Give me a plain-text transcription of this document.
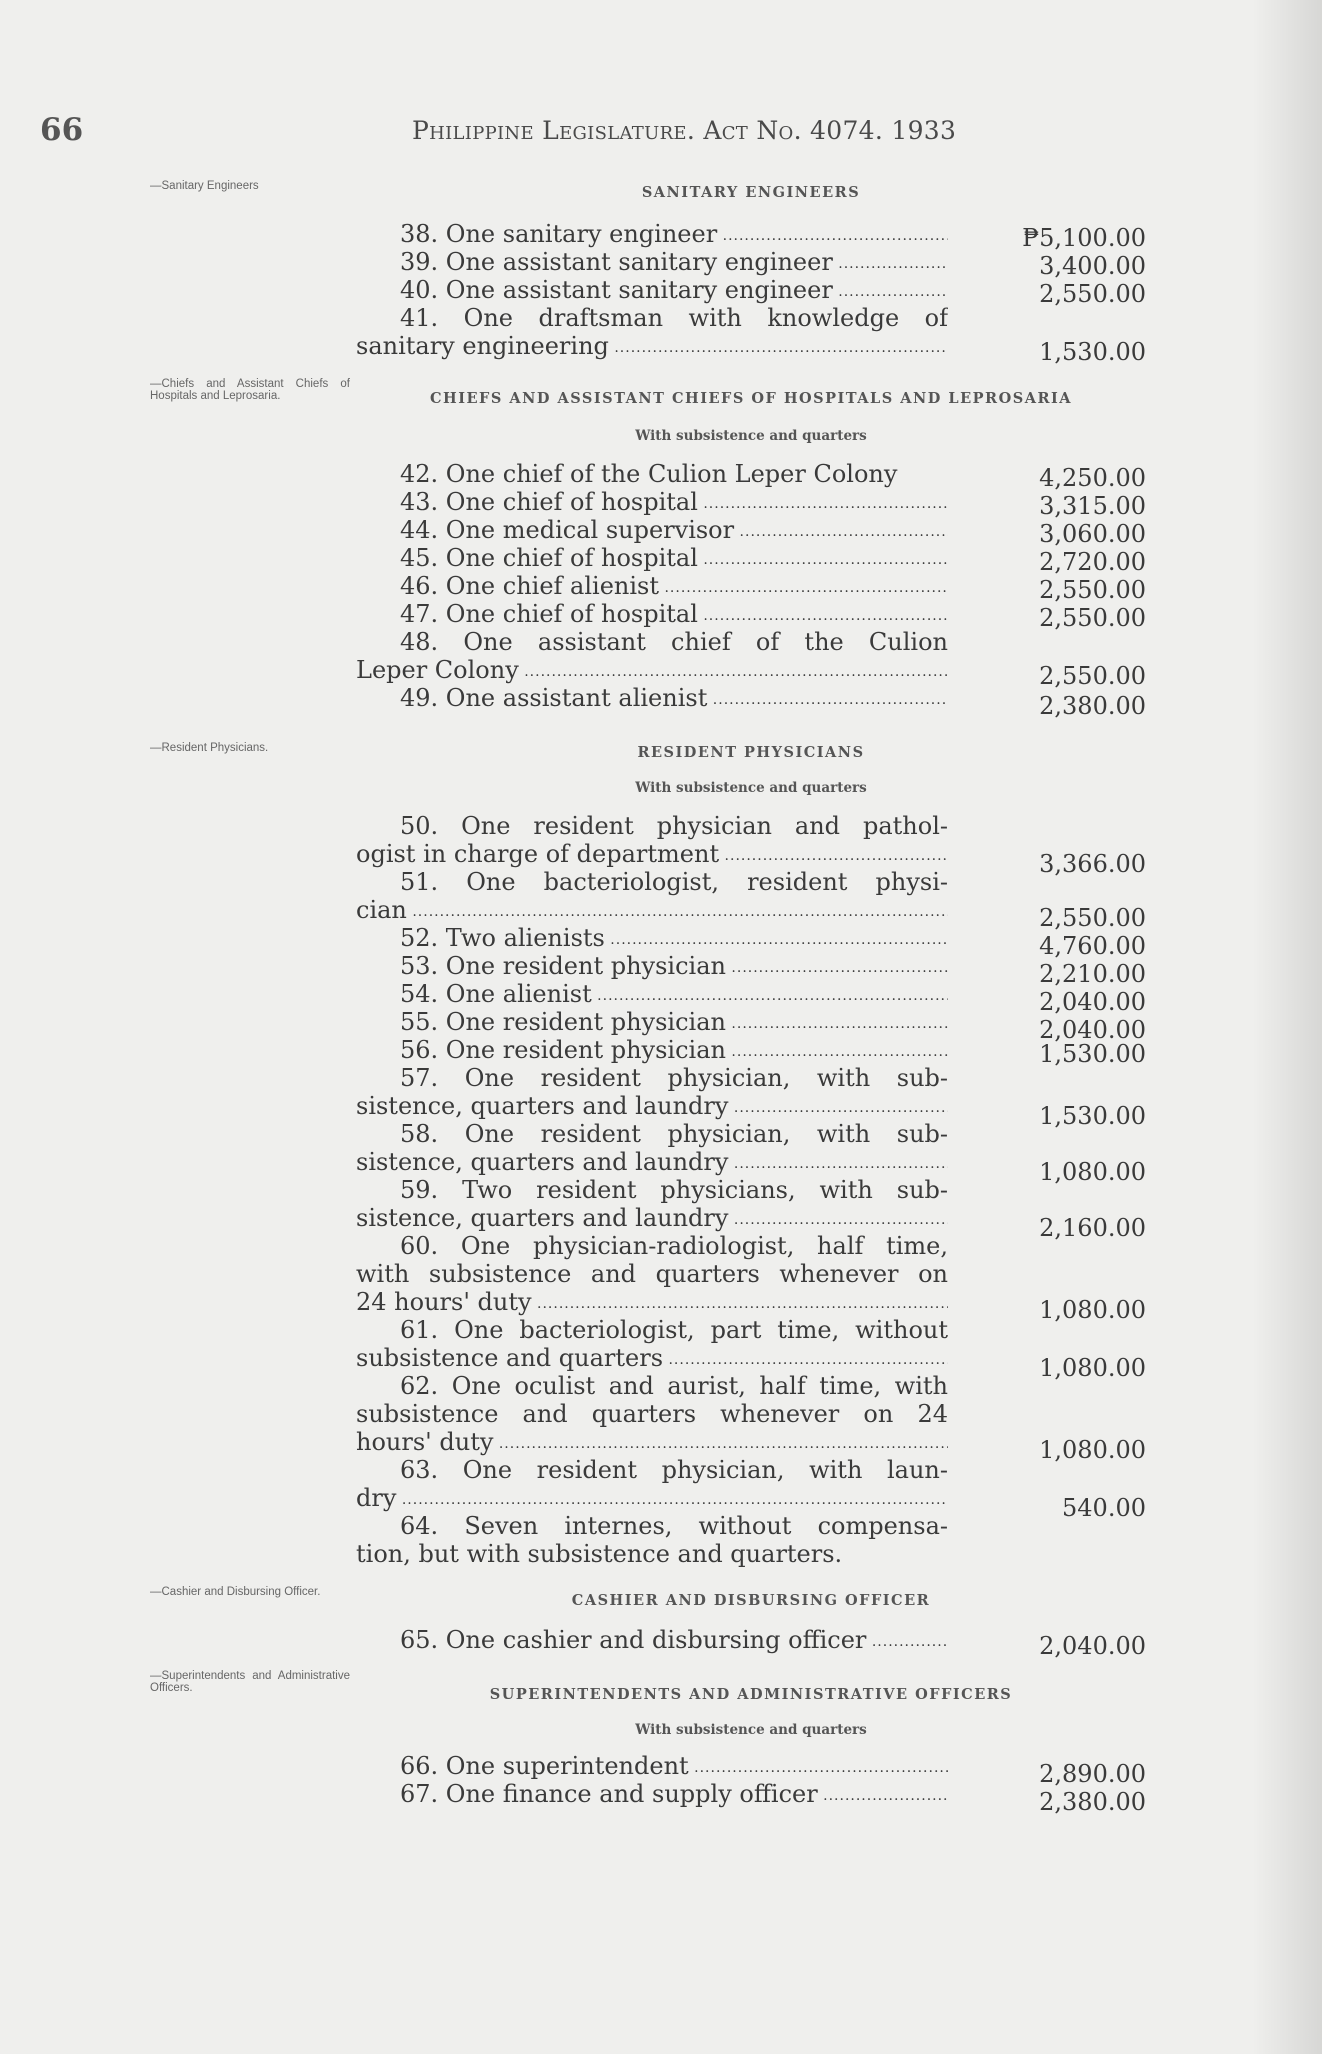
66	Philippine Legislature. Act No. 4074. 1933
—Sanitary Engineers	SANITARY ENGINEERS
38. One sanitary engineer .....	₱5,100.00
39. One assistant sanitary engineer .....	3,400.00
40. One assistant sanitary engineer .....	2,550.00
41. One draftsman with knowledge of
sanitary engineering .....	1,530.00
—Chiefs and Assistant Chiefs of Hospitals and Leprosaria.	CHIEFS AND ASSISTANT CHIEFS OF HOSPITALS AND LEPROSARIA
With subsistence and quarters
42. One chief of the Culion Leper Colony	4,250.00
43. One chief of hospital .....	3,315.00
44. One medical supervisor .....	3,060.00
45. One chief of hospital .....	2,720.00
46. One chief alienist .....	2,550.00
47. One chief of hospital .....	2,550.00
48. One assistant chief of the Culion
Leper Colony .....	2,550.00
49. One assistant alienist .....	2,380.00
—Resident Physicians.	RESIDENT PHYSICIANS
With subsistence and quarters
50. One resident physician and pathol-
ogist in charge of department .....	3,366.00
51. One bacteriologist, resident physi-
cian .....	2,550.00
52. Two alienists .....	4,760.00
53. One resident physician .....	2,210.00
54. One alienist .....	2,040.00
55. One resident physician .....	2,040.00
56. One resident physician .....	1,530.00
57. One resident physician, with sub-
sistence, quarters and laundry .....	1,530.00
58. One resident physician, with sub-
sistence, quarters and laundry .....	1,080.00
59. Two resident physicians, with sub-
sistence, quarters and laundry .....	2,160.00
60. One physician-radiologist, half time,
with subsistence and quarters whenever on
24 hours' duty .....	1,080.00
61. One bacteriologist, part time, without
subsistence and quarters .....	1,080.00
62. One oculist and aurist, half time, with
subsistence and quarters whenever on 24
hours' duty .....	1,080.00
63. One resident physician, with laun-
dry .....	540.00
64. Seven internes, without compensa-
tion, but with subsistence and quarters.
—Cashier and Disbursing Officer.	CASHIER AND DISBURSING OFFICER
65. One cashier and disbursing officer .....	2,040.00
—Superintendents and Administrative Officers.	SUPERINTENDENTS AND ADMINISTRATIVE OFFICERS
With subsistence and quarters
66. One superintendent .....	2,890.00
67. One finance and supply officer .....	2,380.00
